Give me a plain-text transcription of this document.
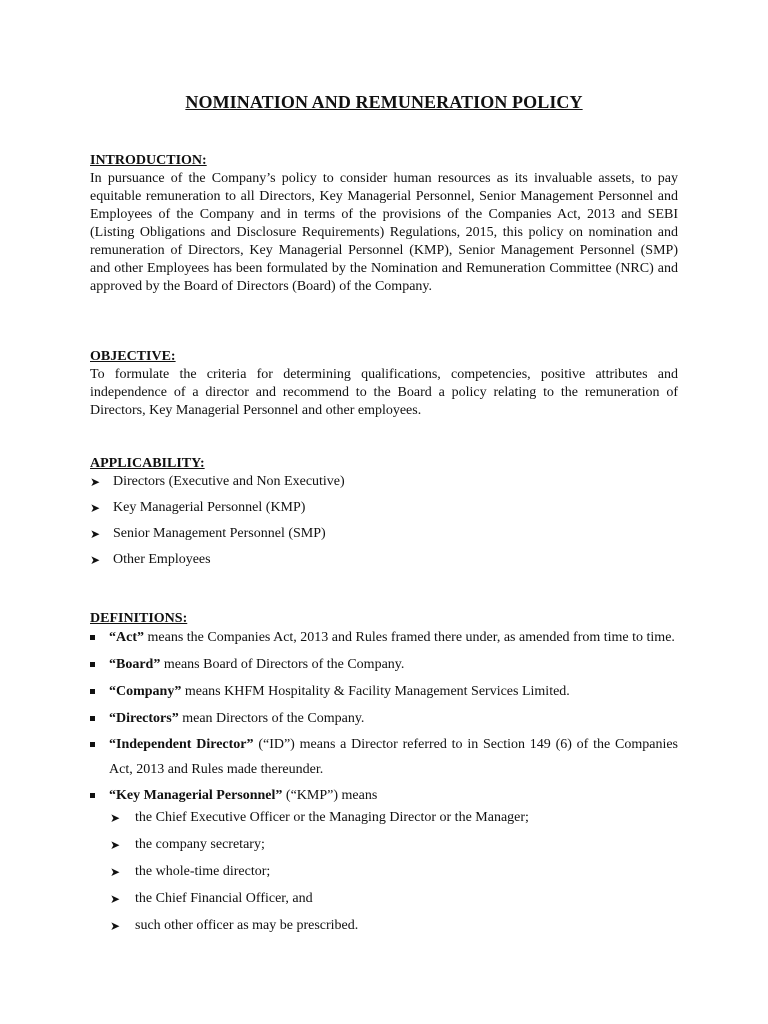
NOMINATION AND REMUNERATION POLICY
INTRODUCTION:
In pursuance of the Company’s policy to consider human resources as its invaluable assets, to pay equitable remuneration to all Directors, Key Managerial Personnel, Senior Management Personnel and Employees of the Company and in terms of the provisions of the Companies Act, 2013 and SEBI (Listing Obligations and Disclosure Requirements) Regulations, 2015, this policy on nomination and remuneration of Directors, Key Managerial Personnel (KMP), Senior Management Personnel (SMP) and other Employees has been formulated by the Nomination and Remuneration Committee (NRC) and approved by the Board of Directors (Board) of the Company.
OBJECTIVE:
To formulate the criteria for determining qualifications, competencies, positive attributes and independence of a director and recommend to the Board a policy relating to the remuneration of Directors, Key Managerial Personnel and other employees.
APPLICABILITY:
➤ Directors (Executive and Non Executive)
➤ Key Managerial Personnel (KMP)
➤ Senior Management Personnel (SMP)
➤ Other Employees
DEFINITIONS:
“Act” means the Companies Act, 2013 and Rules framed there under, as amended from time to time.
“Board” means Board of Directors of the Company.
“Company” means KHFM Hospitality & Facility Management Services Limited.
“Directors” mean Directors of the Company.
“Independent Director” (“ID”) means a Director referred to in Section 149 (6) of the Companies Act, 2013 and Rules made thereunder.
“Key Managerial Personnel” (“KMP”) means
➤ the Chief Executive Officer or the Managing Director or the Manager;
➤ the company secretary;
➤ the whole-time director;
➤ the Chief Financial Officer, and
➤ such other officer as may be prescribed.
